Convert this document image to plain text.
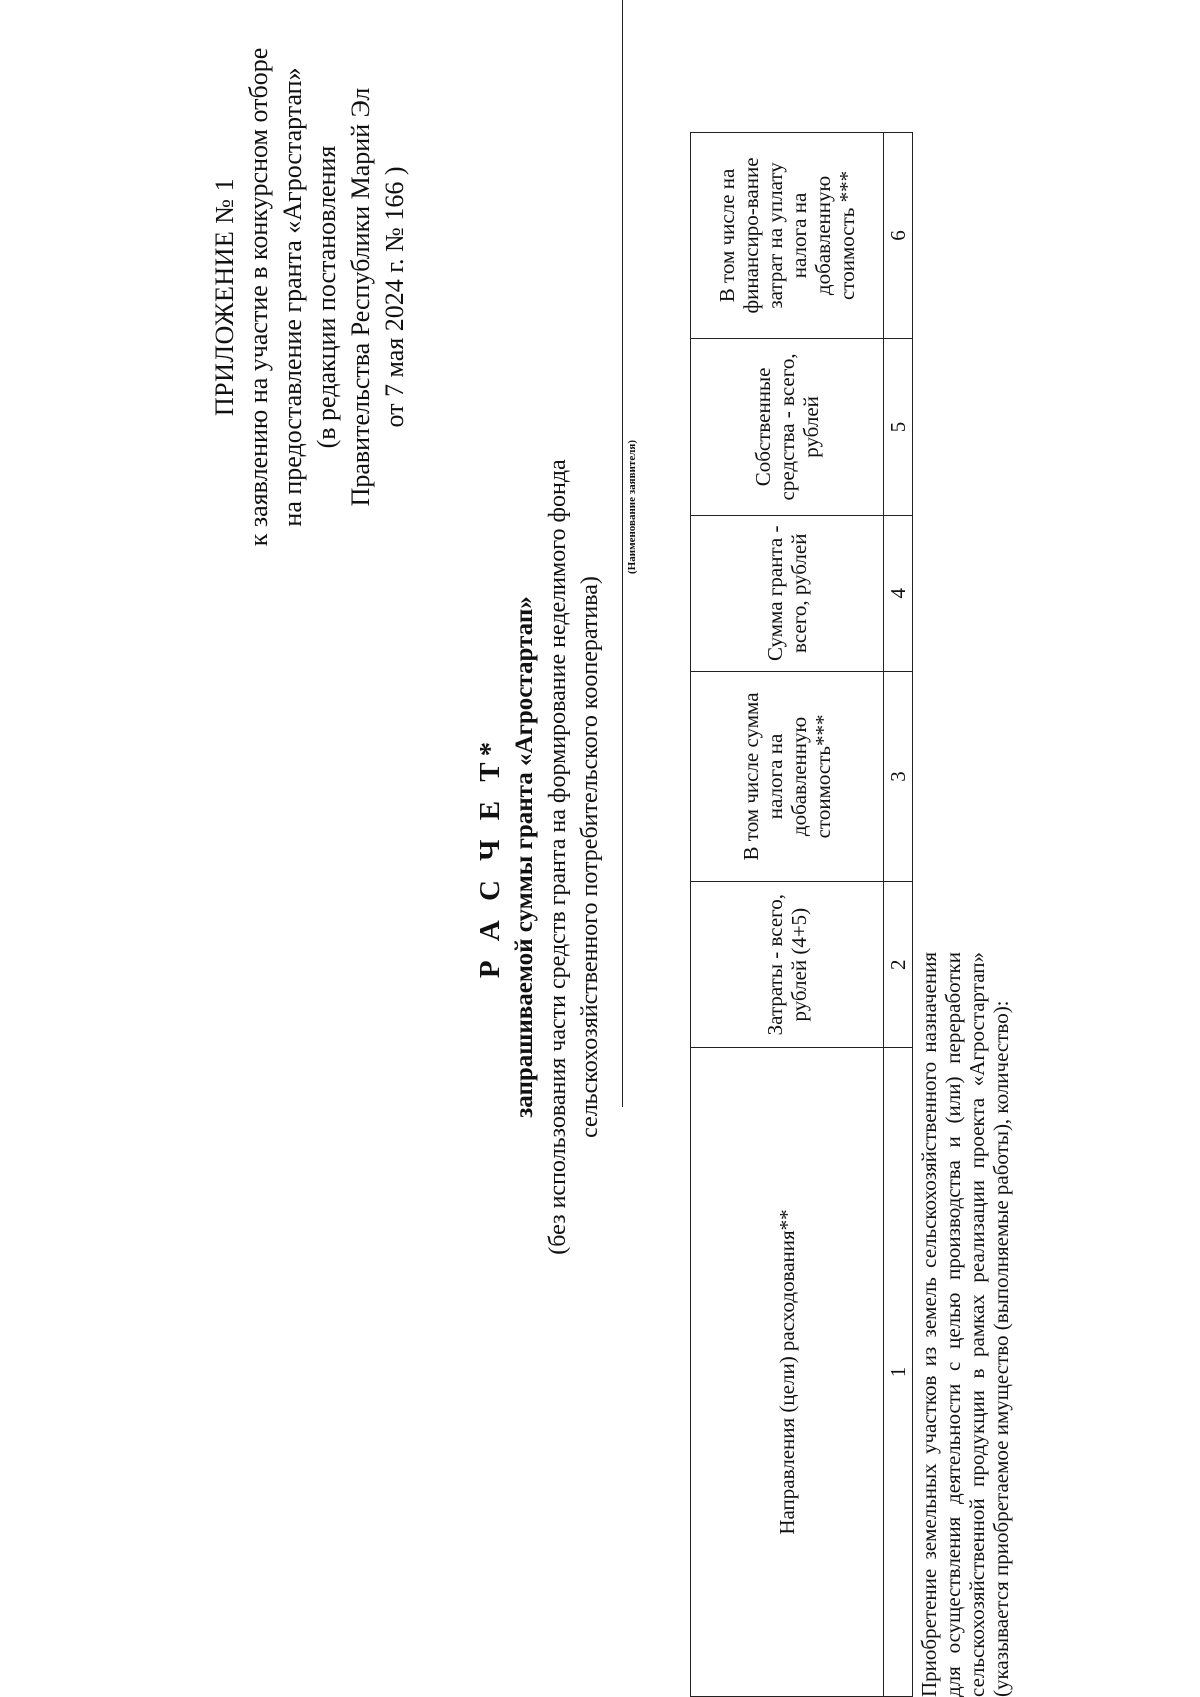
ПРИЛОЖЕНИЕ № 1 к заявлению на участие в конкурсном отборе на предоставление гранта «Агростартап» (в редакции постановления Правительства Республики Марий Эл от 7 мая 2024 г. № 166 )
Р А С Ч Е Т* запрашиваемой суммы гранта «Агростартап» (без использования части средств гранта на формирование неделимого фонда сельскохозяйственного потребительского кооператива)
(Наименование заявителя)
Направления (цели) расходования**	Затраты - всего, рублей (4+5)	В том числе сумма налога на добавленную стоимость***	Сумма гранта - всего, рублей	Собственные средства - всего, рублей	В том числе на финансиро-вание затрат на уплату налога на добавленную стоимость ***
1	2	3	4	5	6
Приобретение земельных участков из земель сельскохозяйственного назначения для осуществления деятельности с целью производства и (или) переработки сельскохозяйственной продукции в рамках реализации проекта «Агростартап» (указывается приобретаемое имущество (выполняемые работы), количество):
